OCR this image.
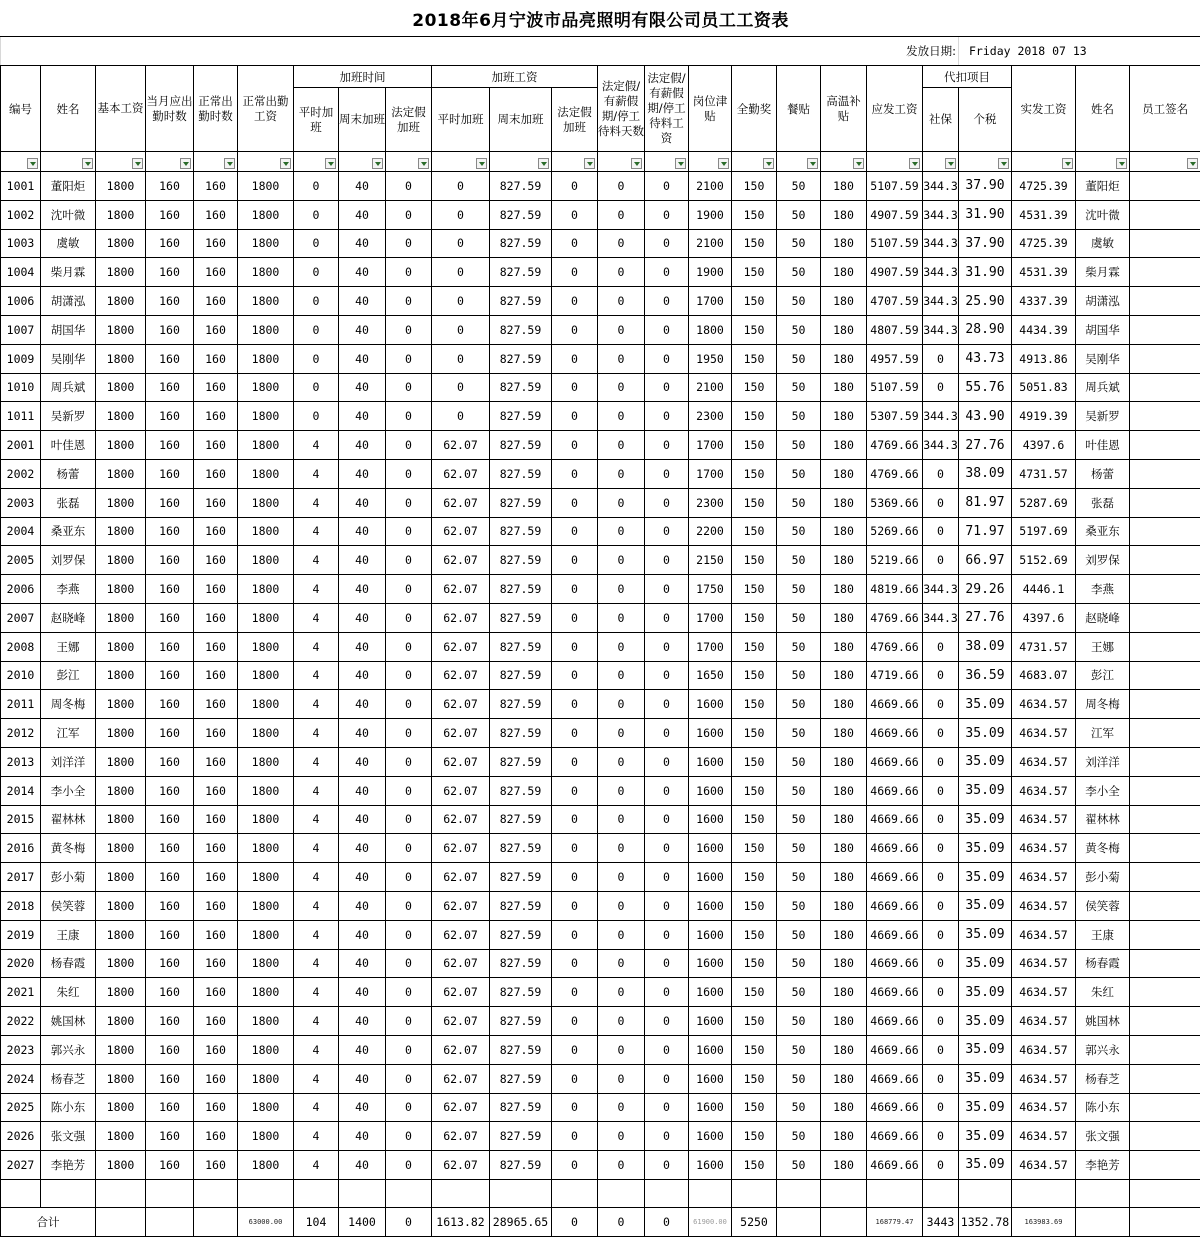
2018年6月宁波市品亮照明有限公司员工工资表																							
发放日期:																				Friday 2018 07 13			
编号	姓名	基本工资	当月应出勤时数	正常出勤时数	正常出勤工资	加班时间			加班工资			法定假/有薪假期/停工待料天数	法定假/有薪假期/停工待料工资	岗位津贴	全勤奖	餐贴	高温补贴	应发工资	代扣项目		实发工资	姓名	员工签名
						平时加班	周末加班	法定假加班	平时加班	周末加班	法定假加班								社保	个税			

1001	董阳炬	1800	160	160	1800	0	40	0	0	827.59	0	0	0	2100	150	50	180	5107.59	344.3	37.90	4725.39	董阳炬	
1002	沈叶微	1800	160	160	1800	0	40	0	0	827.59	0	0	0	1900	150	50	180	4907.59	344.3	31.90	4531.39	沈叶微	
1003	虞敏	1800	160	160	1800	0	40	0	0	827.59	0	0	0	2100	150	50	180	5107.59	344.3	37.90	4725.39	虞敏	
1004	柴月霖	1800	160	160	1800	0	40	0	0	827.59	0	0	0	1900	150	50	180	4907.59	344.3	31.90	4531.39	柴月霖	
1006	胡潇泓	1800	160	160	1800	0	40	0	0	827.59	0	0	0	1700	150	50	180	4707.59	344.3	25.90	4337.39	胡潇泓	
1007	胡国华	1800	160	160	1800	0	40	0	0	827.59	0	0	0	1800	150	50	180	4807.59	344.3	28.90	4434.39	胡国华	
1009	吴刚华	1800	160	160	1800	0	40	0	0	827.59	0	0	0	1950	150	50	180	4957.59	0	43.73	4913.86	吴刚华	
1010	周兵斌	1800	160	160	1800	0	40	0	0	827.59	0	0	0	2100	150	50	180	5107.59	0	55.76	5051.83	周兵斌	
1011	吴新罗	1800	160	160	1800	0	40	0	0	827.59	0	0	0	2300	150	50	180	5307.59	344.3	43.90	4919.39	吴新罗	
2001	叶佳恩	1800	160	160	1800	4	40	0	62.07	827.59	0	0	0	1700	150	50	180	4769.66	344.3	27.76	4397.6	叶佳恩	
2002	杨蕾	1800	160	160	1800	4	40	0	62.07	827.59	0	0	0	1700	150	50	180	4769.66	0	38.09	4731.57	杨蕾	
2003	张磊	1800	160	160	1800	4	40	0	62.07	827.59	0	0	0	2300	150	50	180	5369.66	0	81.97	5287.69	张磊	
2004	桑亚东	1800	160	160	1800	4	40	0	62.07	827.59	0	0	0	2200	150	50	180	5269.66	0	71.97	5197.69	桑亚东	
2005	刘罗保	1800	160	160	1800	4	40	0	62.07	827.59	0	0	0	2150	150	50	180	5219.66	0	66.97	5152.69	刘罗保	
2006	李燕	1800	160	160	1800	4	40	0	62.07	827.59	0	0	0	1750	150	50	180	4819.66	344.3	29.26	4446.1	李燕	
2007	赵晓峰	1800	160	160	1800	4	40	0	62.07	827.59	0	0	0	1700	150	50	180	4769.66	344.3	27.76	4397.6	赵晓峰	
2008	王娜	1800	160	160	1800	4	40	0	62.07	827.59	0	0	0	1700	150	50	180	4769.66	0	38.09	4731.57	王娜	
2010	彭江	1800	160	160	1800	4	40	0	62.07	827.59	0	0	0	1650	150	50	180	4719.66	0	36.59	4683.07	彭江	
2011	周冬梅	1800	160	160	1800	4	40	0	62.07	827.59	0	0	0	1600	150	50	180	4669.66	0	35.09	4634.57	周冬梅	
2012	江军	1800	160	160	1800	4	40	0	62.07	827.59	0	0	0	1600	150	50	180	4669.66	0	35.09	4634.57	江军	
2013	刘洋洋	1800	160	160	1800	4	40	0	62.07	827.59	0	0	0	1600	150	50	180	4669.66	0	35.09	4634.57	刘洋洋	
2014	李小全	1800	160	160	1800	4	40	0	62.07	827.59	0	0	0	1600	150	50	180	4669.66	0	35.09	4634.57	李小全	
2015	翟林林	1800	160	160	1800	4	40	0	62.07	827.59	0	0	0	1600	150	50	180	4669.66	0	35.09	4634.57	翟林林	
2016	黄冬梅	1800	160	160	1800	4	40	0	62.07	827.59	0	0	0	1600	150	50	180	4669.66	0	35.09	4634.57	黄冬梅	
2017	彭小菊	1800	160	160	1800	4	40	0	62.07	827.59	0	0	0	1600	150	50	180	4669.66	0	35.09	4634.57	彭小菊	
2018	侯笑蓉	1800	160	160	1800	4	40	0	62.07	827.59	0	0	0	1600	150	50	180	4669.66	0	35.09	4634.57	侯笑蓉	
2019	王康	1800	160	160	1800	4	40	0	62.07	827.59	0	0	0	1600	150	50	180	4669.66	0	35.09	4634.57	王康	
2020	杨春霞	1800	160	160	1800	4	40	0	62.07	827.59	0	0	0	1600	150	50	180	4669.66	0	35.09	4634.57	杨春霞	
2021	朱红	1800	160	160	1800	4	40	0	62.07	827.59	0	0	0	1600	150	50	180	4669.66	0	35.09	4634.57	朱红	
2022	姚国林	1800	160	160	1800	4	40	0	62.07	827.59	0	0	0	1600	150	50	180	4669.66	0	35.09	4634.57	姚国林	
2023	郭兴永	1800	160	160	1800	4	40	0	62.07	827.59	0	0	0	1600	150	50	180	4669.66	0	35.09	4634.57	郭兴永	
2024	杨春芝	1800	160	160	1800	4	40	0	62.07	827.59	0	0	0	1600	150	50	180	4669.66	0	35.09	4634.57	杨春芝	
2025	陈小东	1800	160	160	1800	4	40	0	62.07	827.59	0	0	0	1600	150	50	180	4669.66	0	35.09	4634.57	陈小东	
2026	张文强	1800	160	160	1800	4	40	0	62.07	827.59	0	0	0	1600	150	50	180	4669.66	0	35.09	4634.57	张文强	
2027	李艳芳	1800	160	160	1800	4	40	0	62.07	827.59	0	0	0	1600	150	50	180	4669.66	0	35.09	4634.57	李艳芳	

合计					63000.00	104	1400	0	1613.82	28965.65	0	0	0	61900.00	5250			168779.47	3443	1352.78	163983.69		
